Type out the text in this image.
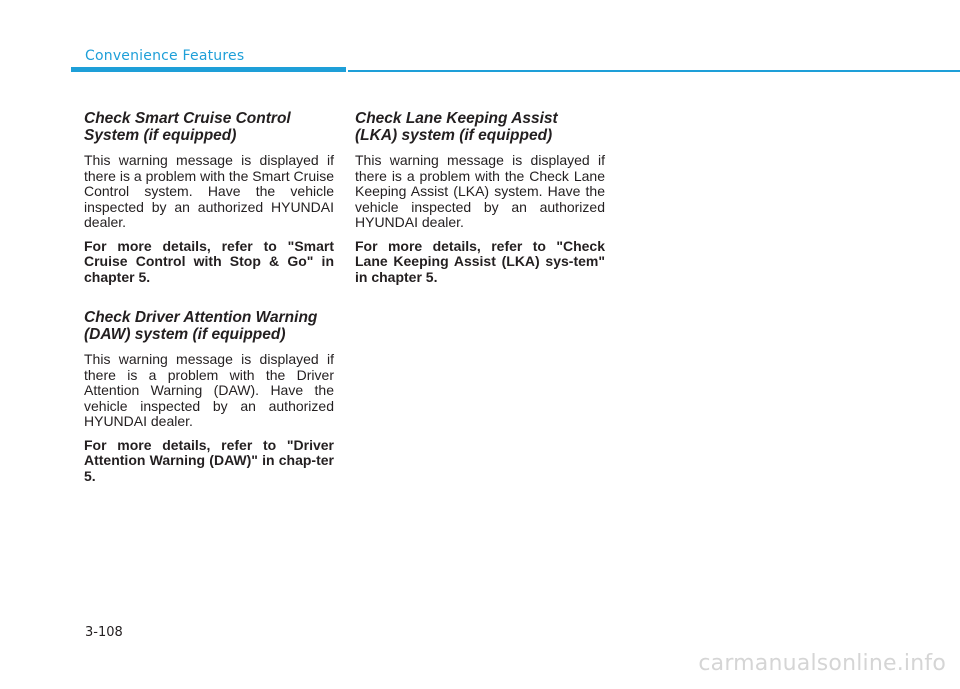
Convenience Features
Check Smart Cruise Control
System (if equipped)

This warning message is displayed if there is a problem with the Smart Cruise Control system. Have the vehicle inspected by an authorized HYUNDAI dealer.

For more details, refer to "Smart Cruise Control with Stop & Go" in chapter 5.

Check Driver Attention Warning
(DAW) system (if equipped)

This warning message is displayed if there is a problem with the Driver Attention Warning (DAW). Have the vehicle inspected by an authorized HYUNDAI dealer.

For more details, refer to "Driver Attention Warning (DAW)" in chap-ter 5.

Check Lane Keeping Assist
(LKA) system (if equipped)

This warning message is displayed if there is a problem with the Check Lane Keeping Assist (LKA) system. Have the vehicle inspected by an authorized HYUNDAI dealer.

For more details, refer to "Check Lane Keeping Assist (LKA) sys-tem" in chapter 5.

3-108
carmanualsonline.info
